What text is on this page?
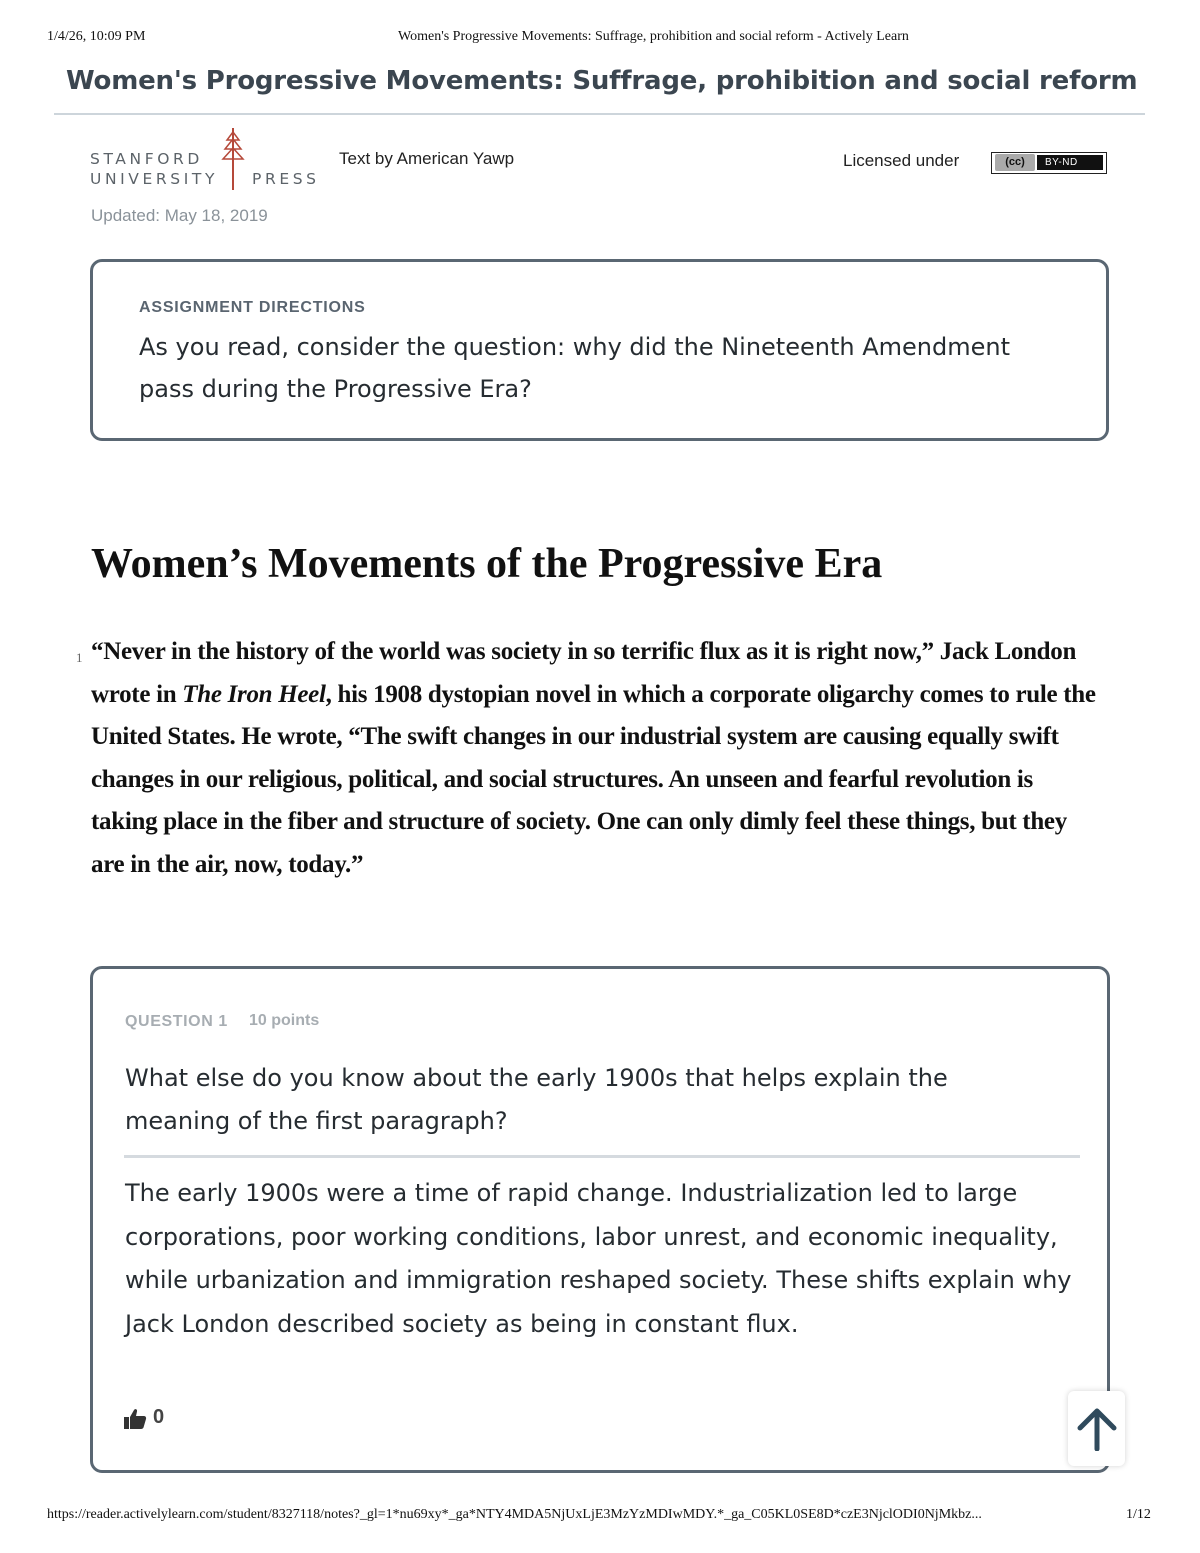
1/4/26, 10:09 PM	Women's Progressive Movements: Suffrage, prohibition and social reform - Actively Learn
Women's Progressive Movements: Suffrage, prohibition and social reform
STANFORD
UNIVERSITY PRESS
Text by American Yawp	Licensed under	(cc)	BY-ND
Updated: May 18, 2019
ASSIGNMENT DIRECTIONS
As you read, consider the question: why did the Nineteenth Amendment pass during the Progressive Era?
Women’s Movements of the Progressive Era
1 “Never in the history of the world was society in so terrific flux as it is right now,” Jack London wrote in The Iron Heel, his 1908 dystopian novel in which a corporate oligarchy comes to rule the United States. He wrote, “The swift changes in our industrial system are causing equally swift changes in our religious, political, and social structures. An unseen and fearful revolution is taking place in the fiber and structure of society. One can only dimly feel these things, but they are in the air, now, today.”
QUESTION 1 10 points
What else do you know about the early 1900s that helps explain the meaning of the first paragraph?
The early 1900s were a time of rapid change. Industrialization led to large corporations, poor working conditions, labor unrest, and economic inequality, while urbanization and immigration reshaped society. These shifts explain why Jack London described society as being in constant flux.
0
https://reader.activelylearn.com/student/8327118/notes?_gl=1*nu69xy*_ga*NTY4MDA5NjUxLjE3MzYzMDIwMDY.*_ga_C05KL0SE8D*czE3NjclODI0NjMkbz...	1/12
